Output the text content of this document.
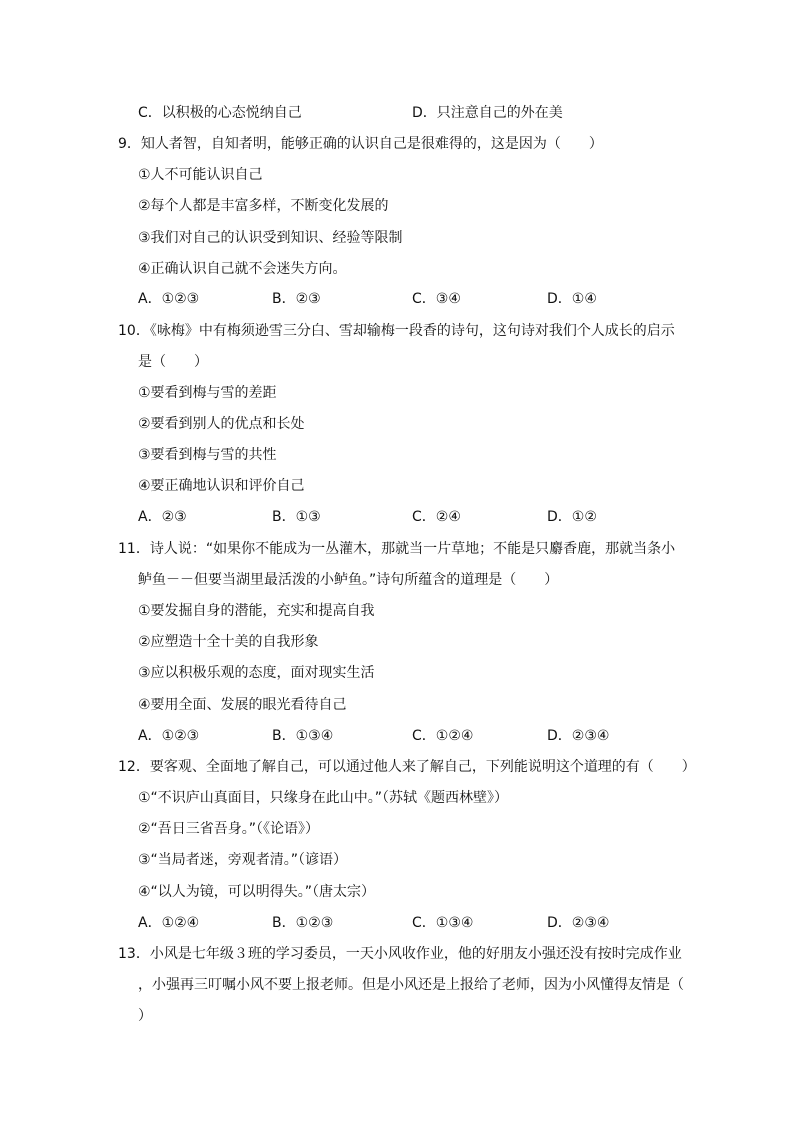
C．以积极的心态悦纳自己	D．只注意自己的外在美
9．知人者智，自知者明，能够正确的认识自己是很难得的，这是因为（　　）
①人不可能认识自己
②每个人都是丰富多样，不断变化发展的
③我们对自己的认识受到知识、经验等限制
④正确认识自己就不会迷失方向。
A．①②③	B．②③	C．③④	D．①④
10．《咏梅》中有梅须逊雪三分白、雪却输梅一段香的诗句，这句诗对我们个人成长的启示
是（　　）
①要看到梅与雪的差距
②要看到别人的优点和长处
③要看到梅与雪的共性
④要正确地认识和评价自己
A．②③	B．①③	C．②④	D．①②
11．诗人说：“如果你不能成为一丛灌木，那就当一片草地；不能是只麝香鹿，那就当条小
鲈鱼－－但要当湖里最活泼的小鲈鱼。”诗句所蕴含的道理是（　　）
①要发掘自身的潜能，充实和提高自我
②应塑造十全十美的自我形象
③应以积极乐观的态度，面对现实生活
④要用全面、发展的眼光看待自己
A．①②③	B．①③④	C．①②④	D．②③④
12．要客观、全面地了解自己，可以通过他人来了解自己，下列能说明这个道理的有（　　）
①“不识庐山真面目，只缘身在此山中。”（苏轼《题西林壁》）
②“吾日三省吾身。”（《论语》）
③“当局者迷，旁观者清。”（谚语）
④“以人为镜，可以明得失。”（唐太宗）
A．①②④	B．①②③	C．①③④	D．②③④
13．小风是七年级３班的学习委员，一天小风收作业，他的好朋友小强还没有按时完成作业
，小强再三叮嘱小风不要上报老师。但是小风还是上报给了老师，因为小风懂得友情是（
）
